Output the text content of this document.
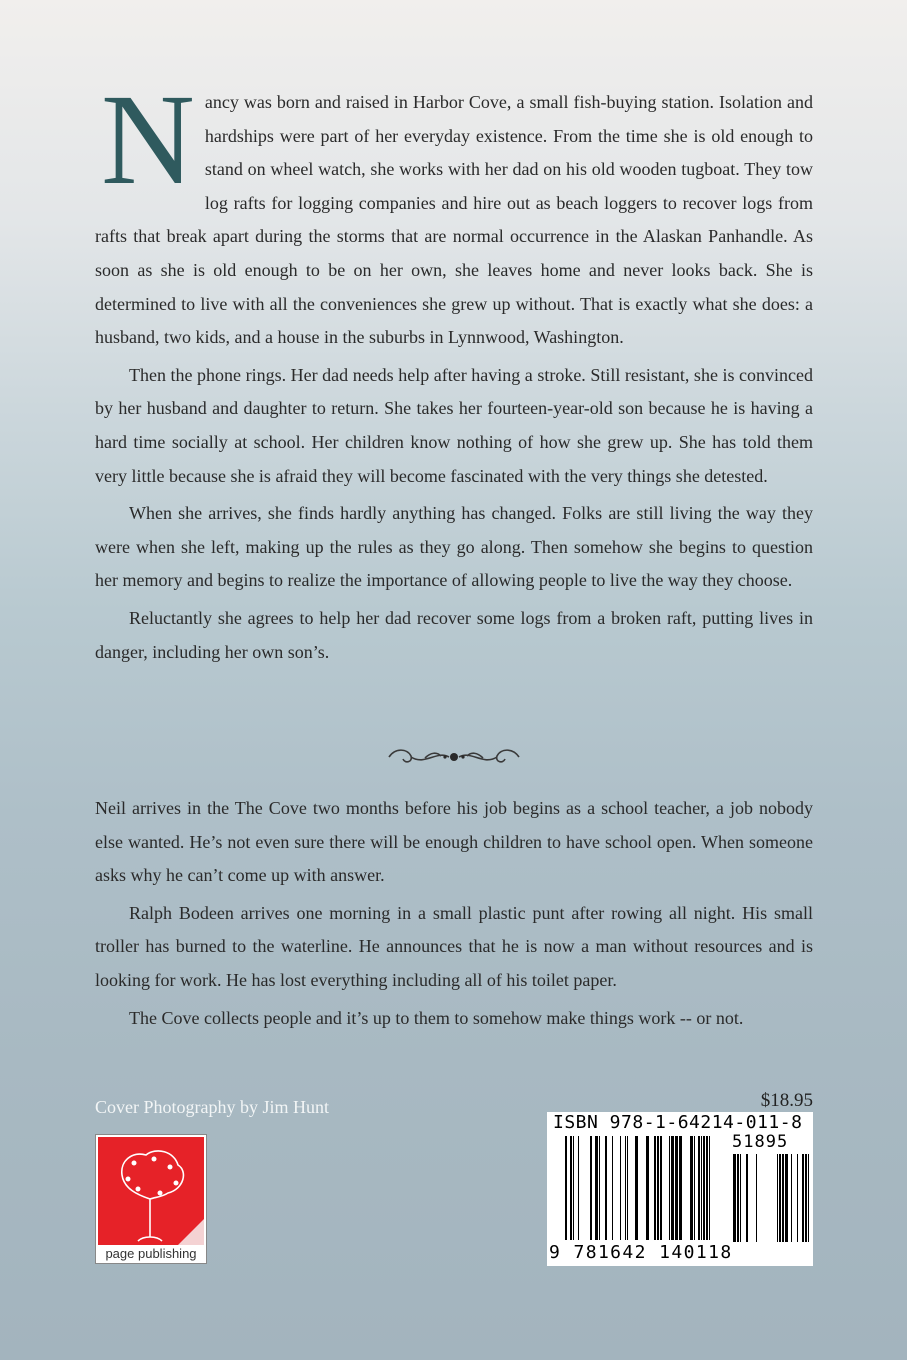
Nancy was born and raised in Harbor Cove, a small fish-buying station. Isolation and hardships were part of her everyday existence. From the time she is old enough to stand on wheel watch, she works with her dad on his old wooden tugboat. They tow log rafts for logging companies and hire out as beach loggers to recover logs from rafts that break apart during the storms that are normal occurrence in the Alaskan Panhandle. As soon as she is old enough to be on her own, she leaves home and never looks back. She is determined to live with all the conveniences she grew up without. That is exactly what she does: a husband, two kids, and a house in the suburbs in Lynnwood, Washington.

Then the phone rings. Her dad needs help after having a stroke. Still resistant, she is convinced by her husband and daughter to return. She takes her fourteen-year-old son because he is having a hard time socially at school. Her children know nothing of how she grew up. She has told them very little because she is afraid they will become fascinated with the very things she detested.

When she arrives, she finds hardly anything has changed. Folks are still living the way they were when she left, making up the rules as they go along. Then somehow she begins to question her memory and begins to realize the importance of allowing people to live the way they choose.

Reluctantly she agrees to help her dad recover some logs from a broken raft, putting lives in danger, including her own son’s.

Neil arrives in the The Cove two months before his job begins as a school teacher, a job nobody else wanted. He’s not even sure there will be enough children to have school open. When someone asks why he can’t come up with answer.

Ralph Bodeen arrives one morning in a small plastic punt after rowing all night. His small troller has burned to the waterline. He announces that he is now a man without resources and is looking for work. He has lost everything including all of his toilet paper.

The Cove collects people and it’s up to them to somehow make things work -- or not.

Cover Photography by Jim Hunt
page publishing
$18.95
ISBN 978-1-64214-011-8
51895
9 781642 140118
